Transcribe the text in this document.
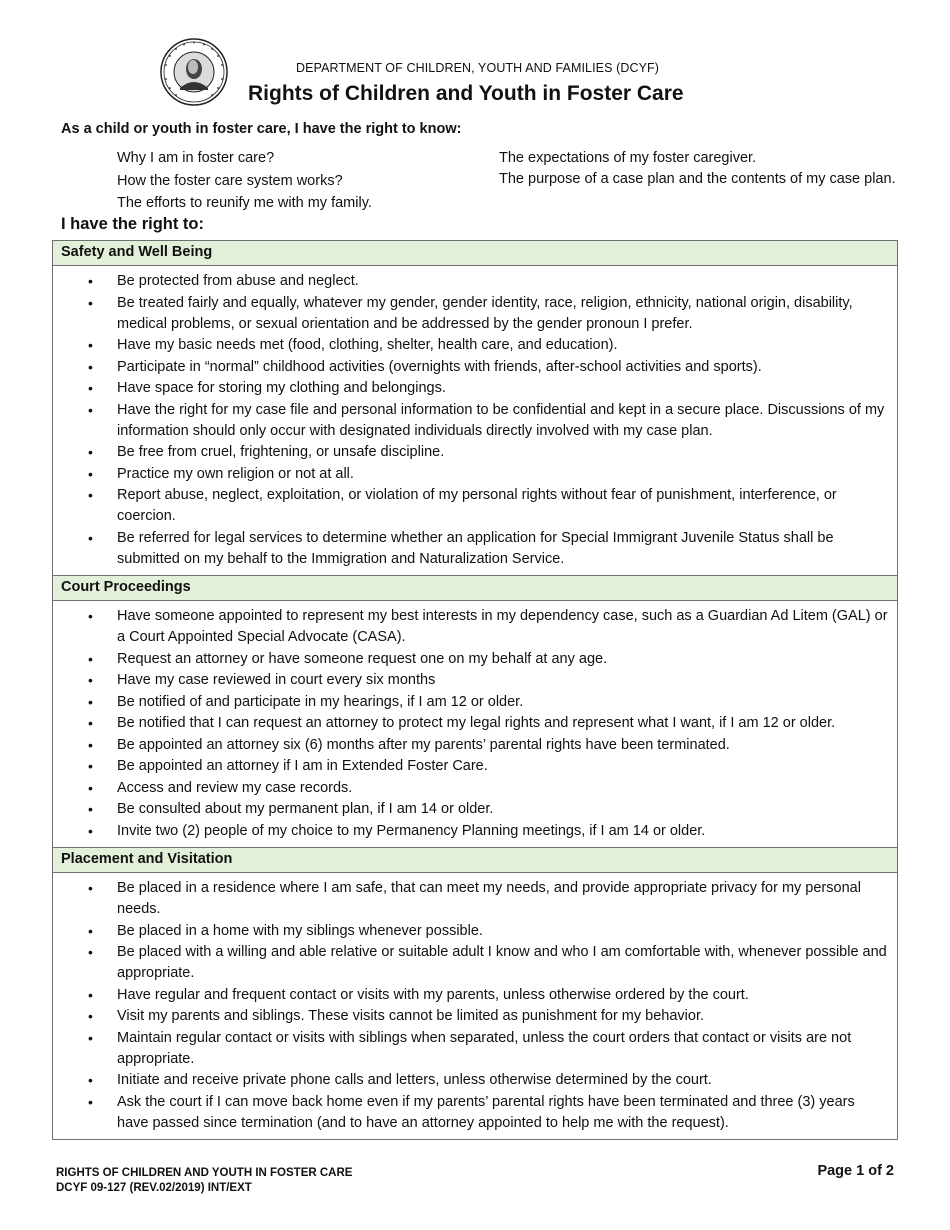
DEPARTMENT OF CHILDREN, YOUTH AND FAMILIES (DCYF)
Rights of Children and Youth in Foster Care
As a child or youth in foster care, I have the right to know:
Why I am in foster care?
How the foster care system works?
The efforts to reunify me with my family.
The expectations of my foster caregiver.
The purpose of a case plan and the contents of my case plan.
I have the right to:
Safety and Well Being
• Be protected from abuse and neglect.
• Be treated fairly and equally, whatever my gender, gender identity, race, religion, ethnicity, national origin, disability, medical problems, or sexual orientation and be addressed by the gender pronoun I prefer.
• Have my basic needs met (food, clothing, shelter, health care, and education).
• Participate in “normal” childhood activities (overnights with friends, after-school activities and sports).
• Have space for storing my clothing and belongings.
• Have the right for my case file and personal information to be confidential and kept in a secure place. Discussions of my information should only occur with designated individuals directly involved with my case plan.
• Be free from cruel, frightening, or unsafe discipline.
• Practice my own religion or not at all.
• Report abuse, neglect, exploitation, or violation of my personal rights without fear of punishment, interference, or coercion.
• Be referred for legal services to determine whether an application for Special Immigrant Juvenile Status shall be submitted on my behalf to the Immigration and Naturalization Service.
Court Proceedings
• Have someone appointed to represent my best interests in my dependency case, such as a Guardian Ad Litem (GAL) or a Court Appointed Special Advocate (CASA).
• Request an attorney or have someone request one on my behalf at any age.
• Have my case reviewed in court every six months
• Be notified of and participate in my hearings, if I am 12 or older.
• Be notified that I can request an attorney to protect my legal rights and represent what I want, if I am 12 or older.
• Be appointed an attorney six (6) months after my parents’ parental rights have been terminated.
• Be appointed an attorney if I am in Extended Foster Care.
• Access and review my case records.
• Be consulted about my permanent plan, if I am 14 or older.
• Invite two (2) people of my choice to my Permanency Planning meetings, if I am 14 or older.
Placement and Visitation
• Be placed in a residence where I am safe, that can meet my needs, and provide appropriate privacy for my personal needs.
• Be placed in a home with my siblings whenever possible.
• Be placed with a willing and able relative or suitable adult I know and who I am comfortable with, whenever possible and appropriate.
• Have regular and frequent contact or visits with my parents, unless otherwise ordered by the court.
• Visit my parents and siblings. These visits cannot be limited as punishment for my behavior.
• Maintain regular contact or visits with siblings when separated, unless the court orders that contact or visits are not appropriate.
• Initiate and receive private phone calls and letters, unless otherwise determined by the court.
• Ask the court if I can move back home even if my parents’ parental rights have been terminated and three (3) years have passed since termination (and to have an attorney appointed to help me with the request).
RIGHTS OF CHILDREN AND YOUTH IN FOSTER CARE
DCYF 09-127 (REV.02/2019) INT/EXT
Page 1 of 2
